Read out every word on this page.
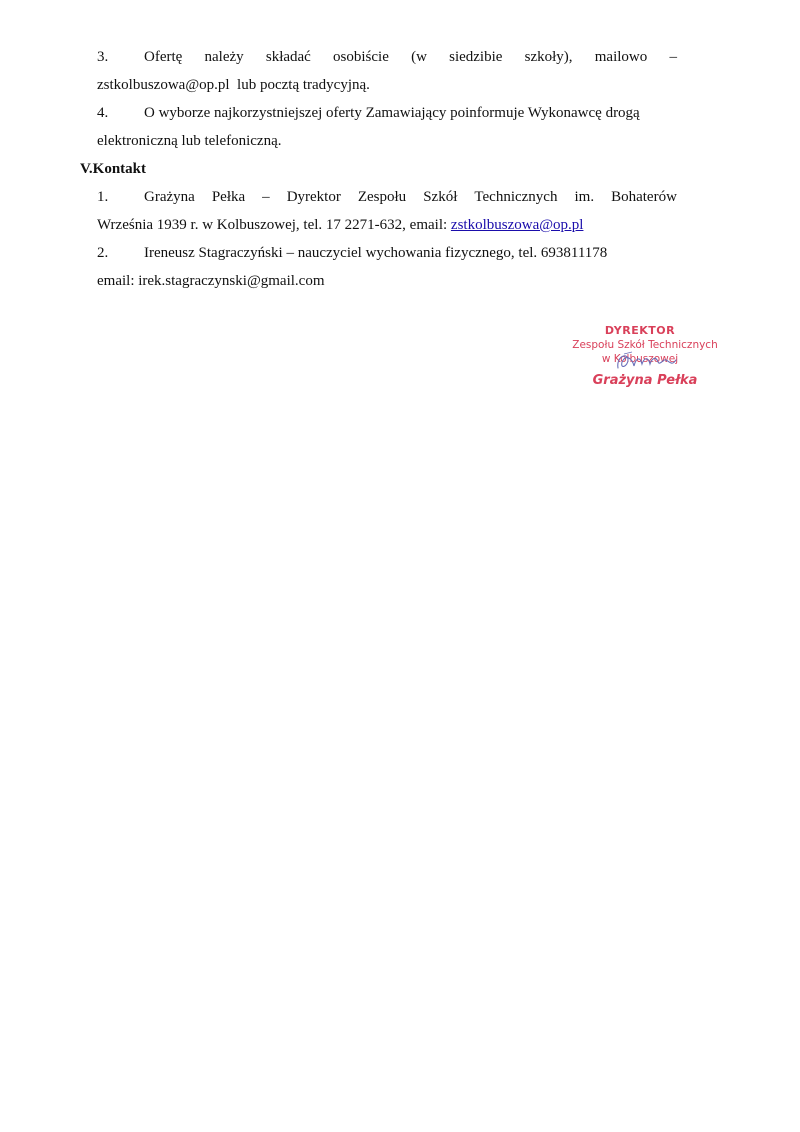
3. Ofertę należy składać osobiście (w siedzibie szkoły), mailowo –
zstkolbuszowa@op.pl  lub pocztą tradycyjną.
4. O wyborze najkorzystniejszej oferty Zamawiający poinformuje Wykonawcę drogą
elektroniczną lub telefoniczną.
V.Kontakt
1. Grażyna Pełka – Dyrektor Zespołu Szkół Technicznych im. Bohaterów
Września 1939 r. w Kolbuszowej, tel. 17 2271-632, email: zstkolbuszowa@op.pl
2. Ireneusz Stagraczyński – nauczyciel wychowania fizycznego, tel. 693811178
email: irek.stagraczynski@gmail.com
DYREKTOR
Zespołu Szkół Technicznych
w Kolbuszowej
Grażyna Pełka
